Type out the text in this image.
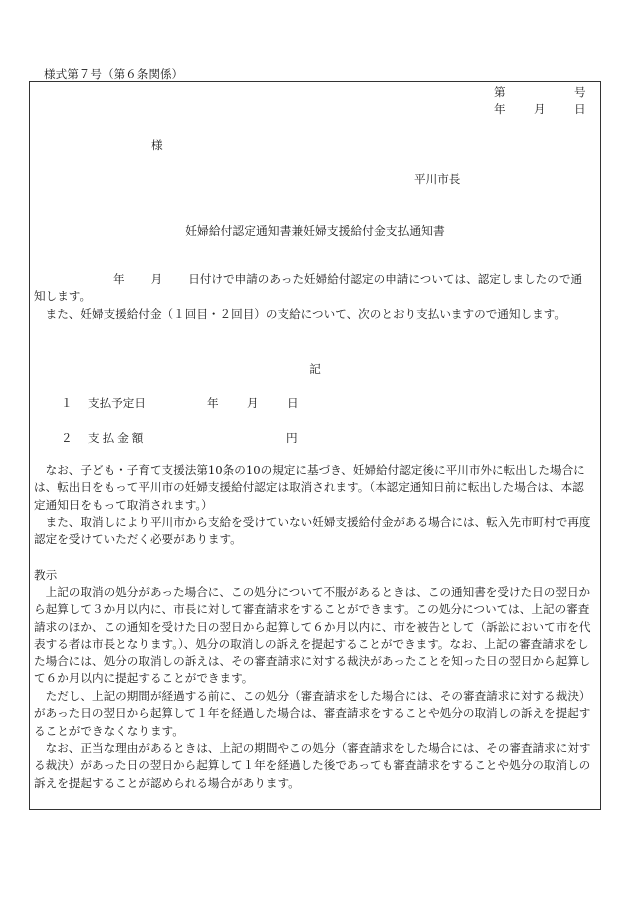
様式第７号（第６条関係）
第	号
年 月 日
様
平川市長
妊婦給付認定通知書兼妊婦支援給付金支払通知書
年 月 日付けで申請のあった妊婦給付認定の申請については、認定しましたので通知します。
また、妊婦支援給付金（１回目・２回目）の支給について、次のとおり支払いますので通知します。
記
１ 支払予定日	年 月 日
２ 支払金額	円
なお、子ども・子育て支援法第10条の10の規定に基づき、妊婦給付認定後に平川市外に転出した場合には、転出日をもって平川市の妊婦支援給付認定は取消されます。（本認定通知日前に転出した場合は、本認定通知日をもって取消されます。）
また、取消しにより平川市から支給を受けていない妊婦支援給付金がある場合には、転入先市町村で再度認定を受けていただく必要があります。
教示
上記の取消の処分があった場合に、この処分について不服があるときは、この通知書を受けた日の翌日から起算して３か月以内に、市長に対して審査請求をすることができます。この処分については、上記の審査請求のほか、この通知を受けた日の翌日から起算して６か月以内に、市を被告として（訴訟において市を代表する者は市長となります。）、処分の取消しの訴えを提起することができます。なお、上記の審査請求をした場合には、処分の取消しの訴えは、その審査請求に対する裁決があったことを知った日の翌日から起算して６か月以内に提起することができます。
ただし、上記の期間が経過する前に、この処分（審査請求をした場合には、その審査請求に対する裁決）があった日の翌日から起算して１年を経過した場合は、審査請求をすることや処分の取消しの訴えを提起することができなくなります。
なお、正当な理由があるときは、上記の期間やこの処分（審査請求をした場合には、その審査請求に対する裁決）があった日の翌日から起算して１年を経過した後であっても審査請求をすることや処分の取消しの訴えを提起することが認められる場合があります。
